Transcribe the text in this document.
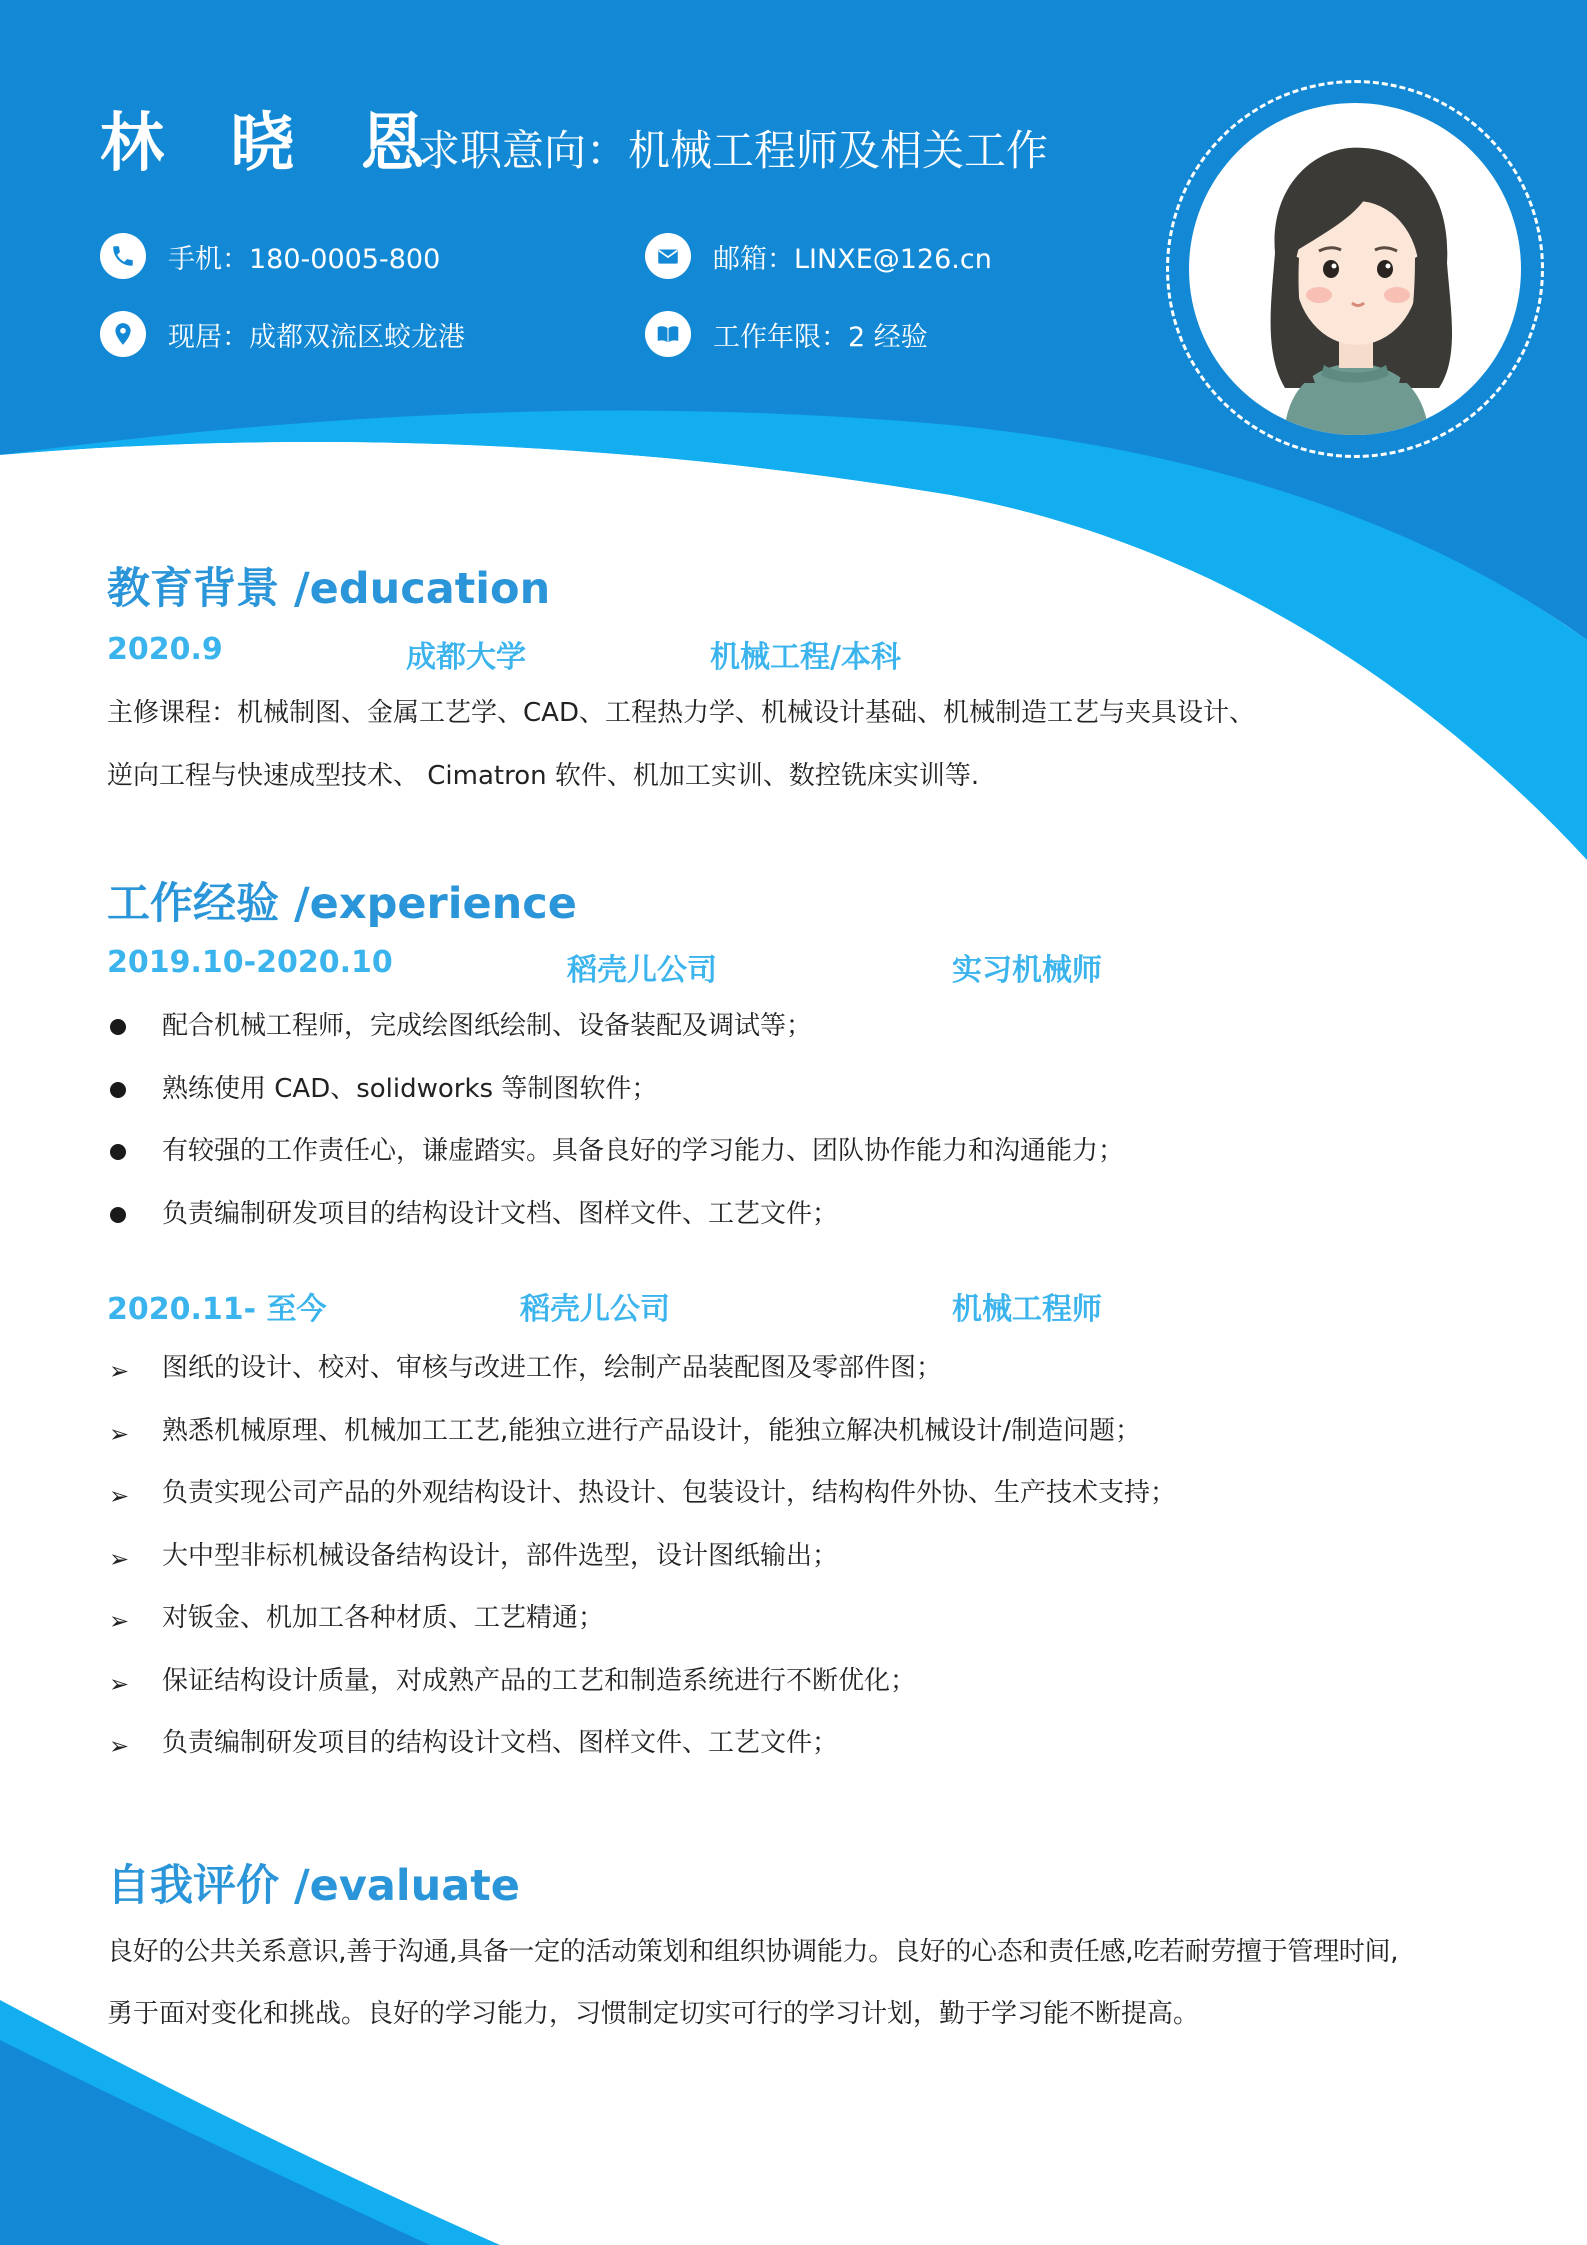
林 晓 恩
求职意向：机械工程师及相关工作
手机：180-0005-800	邮箱：LINXE@126.cn
现居：成都双流区蛟龙港	工作年限：2 经验
教育背景 /education
2020.9	成都大学	机械工程/本科
主修课程：机械制图、金属工艺学、CAD、工程热力学、机械设计基础、机械制造工艺与夹具设计、
逆向工程与快速成型技术、 Cimatron 软件、机加工实训、数控铣床实训等.
工作经验 /experience
2019.10-2020.10	稻壳儿公司	实习机械师
配合机械工程师，完成绘图纸绘制、设备装配及调试等；
熟练使用 CAD、solidworks 等制图软件；
有较强的工作责任心，谦虚踏实。具备良好的学习能力、团队协作能力和沟通能力；
负责编制研发项目的结构设计文档、图样文件、工艺文件；
2020.11- 至今	稻壳儿公司	机械工程师
➢ 图纸的设计、校对、审核与改进工作，绘制产品装配图及零部件图；
➢ 熟悉机械原理、机械加工工艺,能独立进行产品设计，能独立解决机械设计/制造问题；
➢ 负责实现公司产品的外观结构设计、热设计、包装设计，结构构件外协、生产技术支持；
➢ 大中型非标机械设备结构设计，部件选型，设计图纸输出；
➢ 对钣金、机加工各种材质、工艺精通；
➢ 保证结构设计质量，对成熟产品的工艺和制造系统进行不断优化；
➢ 负责编制研发项目的结构设计文档、图样文件、工艺文件；
自我评价 /evaluate
良好的公共关系意识,善于沟通,具备一定的活动策划和组织协调能力。良好的心态和责任感,吃若耐劳擅于管理时间,
勇于面对变化和挑战。良好的学习能力，习惯制定切实可行的学习计划，勤于学习能不断提高。
